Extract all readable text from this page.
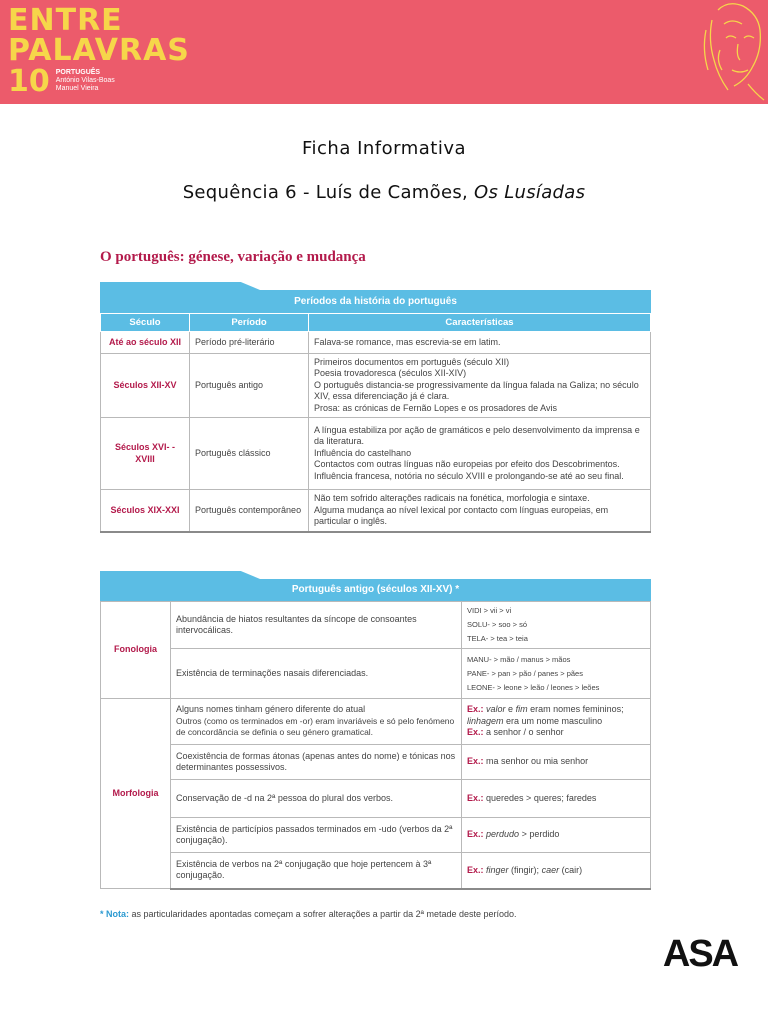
ENTRE
PALAVRAS
10 PORTUGUÊS
António Vilas-Boas
Manuel Vieira
Ficha Informativa
Sequência 6 - Luís de Camões, Os Lusíadas
O português: génese, variação e mudança
Períodos da história do português
Século	Período	Características
Até ao século XII	Período pré-literário	Falava-se romance, mas escrevia-se em latim.

Séculos XII-XV	Português antigo	Primeiros documentos em português (século XII)
Poesia trovadoresca (séculos XII-XIV)
O português distancia-se progressivamente da língua falada na Galiza; no século XIV, essa diferenciação já é clara.
Prosa: as crónicas de Fernão Lopes e os prosadores de Avis

Séculos XVI- -XVIII	Português clássico	A língua estabiliza por ação de gramáticos e pelo desenvolvimento da imprensa e da literatura.
Influência do castelhano
Contactos com outras línguas não europeias por efeito dos Descobrimentos.
Influência francesa, notória no século XVIII e prolongando-se até ao seu final.

Séculos XIX-XXI	Português contemporâneo	Não tem sofrido alterações radicais na fonética, morfologia e sintaxe.
Alguma mudança ao nível lexical por contacto com línguas europeias, em particular o inglês.
Português antigo (séculos XII-XV) *
Fonologia	Abundância de hiatos resultantes da síncope de consoantes intervocálicas.	VIDI > vii > vi
SOLU- > soo > só
TELA- > tea > teia

	Existência de terminações nasais diferenciadas.	MANU- > mão / manus > mãos
PANE- > pan > pão / panes > pães
LEONE- > leone > leão / leones > leões

Morfologia	Alguns nomes tinham género diferente do atual
Outros (como os terminados em -or) eram invariáveis e só pelo fenómeno de concordância se definia o seu género gramatical.	Ex.: valor e fim eram nomes femininos;
linhagem era um nome masculino
Ex.: a senhor / o senhor

	Coexistência de formas átonas (apenas antes do nome) e tónicas nos determinantes possessivos.	Ex.: ma senhor ou mia senhor
	Conservação de -d na 2ª pessoa do plural dos verbos.	Ex.: queredes > queres; faredes
	Existência de particípios passados terminados em -udo (verbos da 2ª conjugação).	Ex.: perdudo > perdido
	Existência de verbos na 2ª conjugação que hoje pertencem à 3ª conjugação.	Ex.: finger (fingir); caer (cair)
* Nota: as particularidades apontadas começam a sofrer alterações a partir da 2ª metade deste período.
ASA
